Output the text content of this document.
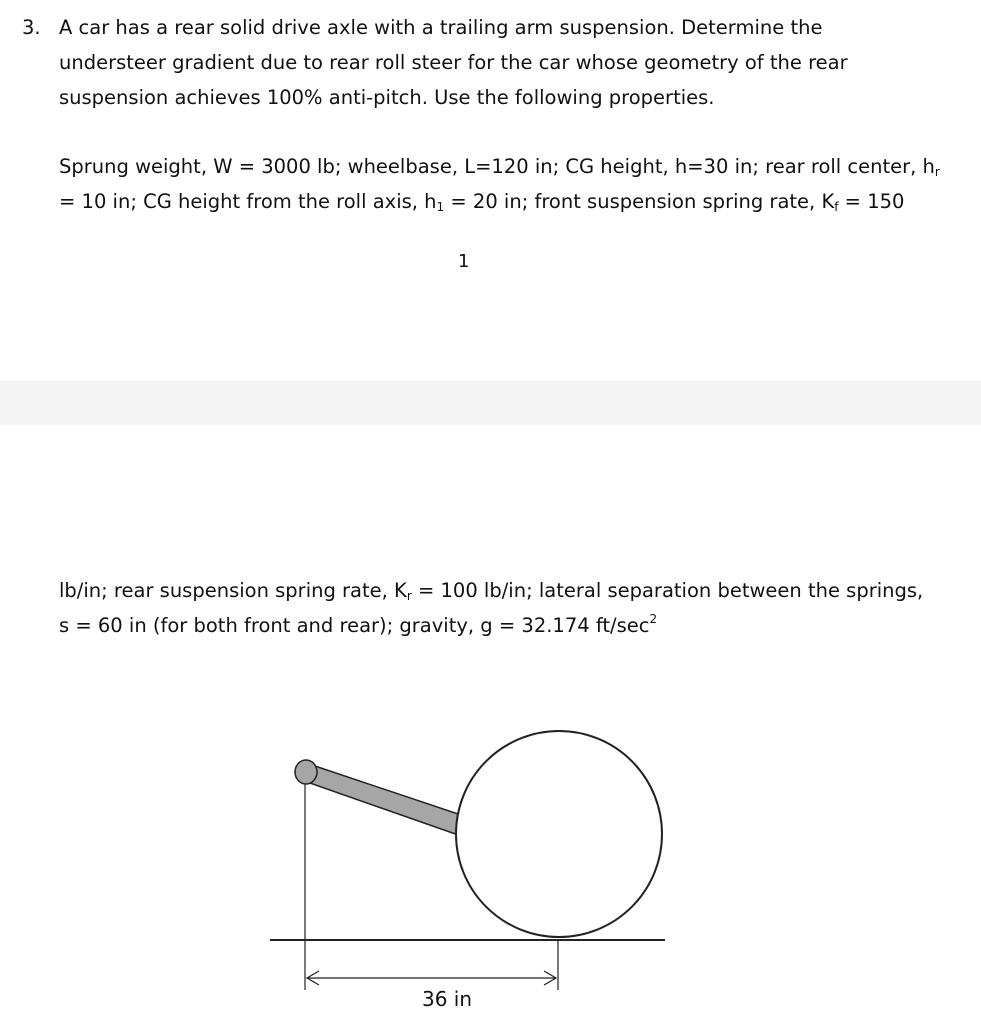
3. A car has a rear solid drive axle with a trailing arm suspension. Determine the
understeer gradient due to rear roll steer for the car whose geometry of the rear
suspension achieves 100% anti-pitch. Use the following properties.
Sprung weight, W = 3000 lb; wheelbase, L=120 in; CG height, h=30 in; rear roll center, $h_r$
= 10 in; CG height from the roll axis, $h_1 = 20$ in; front suspension spring rate, $K_f = 150$
1
lb/in; rear suspension spring rate, $K_r = 100$ lb/in; lateral separation between the springs,
s = 60 in (for both front and rear); gravity, g = 32.174 $ft/\sec^2$
36 in
